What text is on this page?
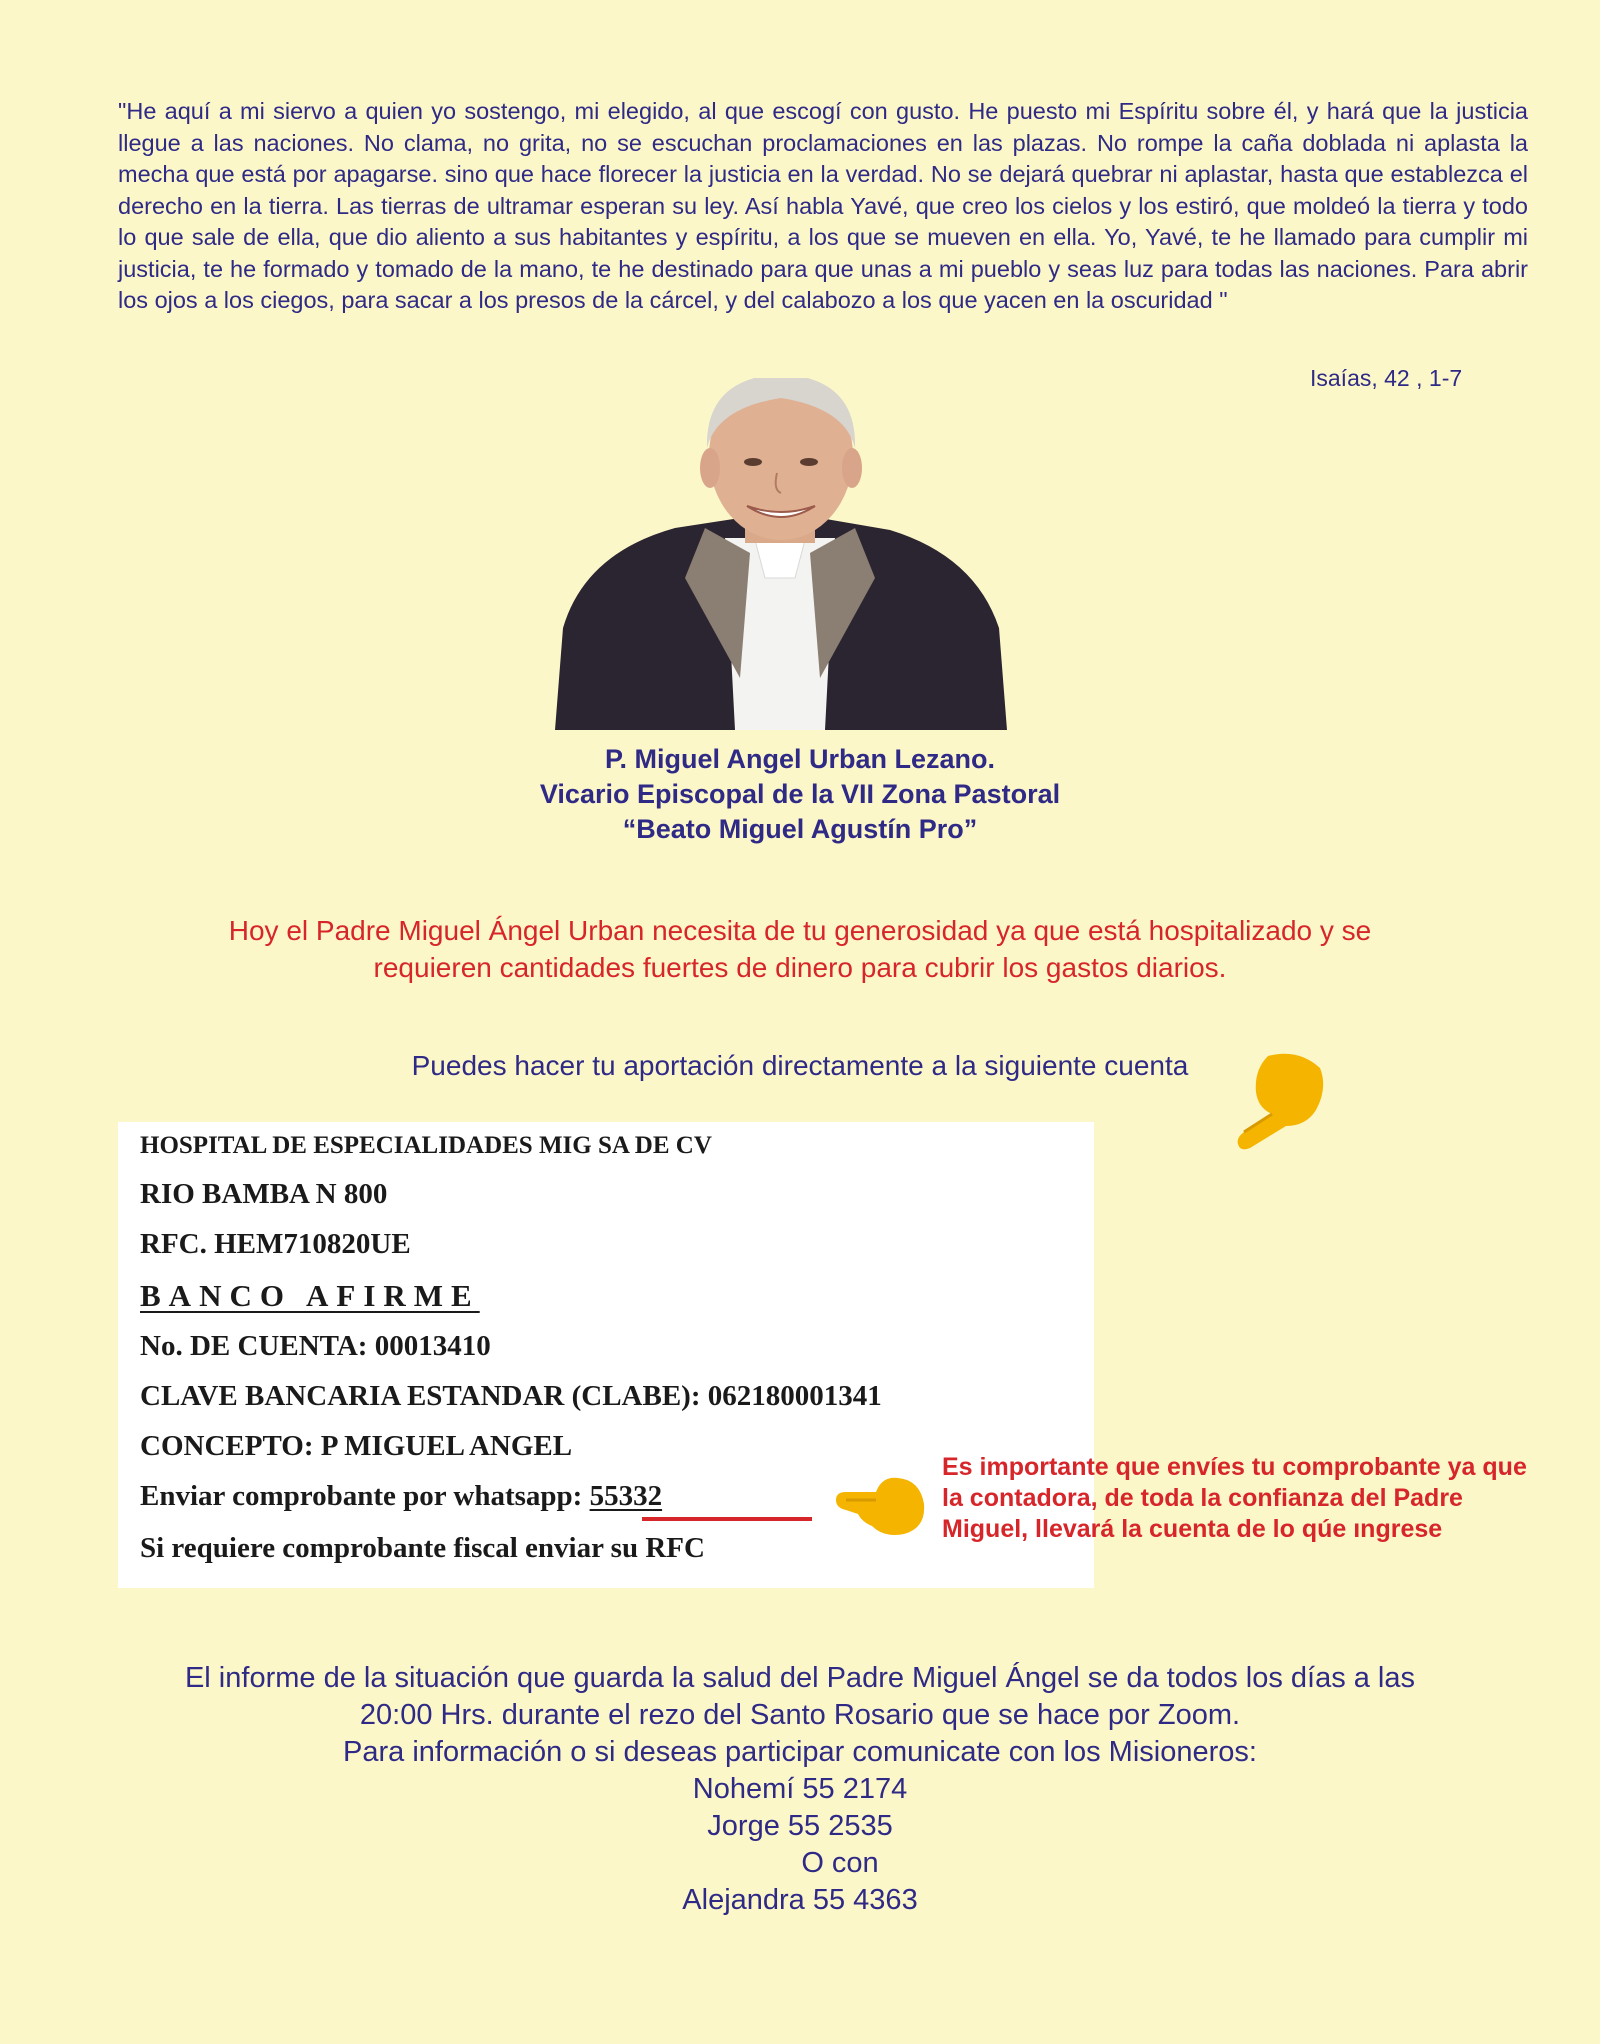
"He aquí a mi siervo a quien yo sostengo, mi elegido, al que escogí con gusto. He puesto mi Espíritu sobre él, y hará que la justicia llegue a las naciones. No clama, no grita, no se escuchan proclamaciones en las plazas. No rompe la caña doblada ni aplasta la mecha que está por apagarse. sino que hace florecer la justicia en la verdad. No se dejará quebrar ni aplastar, hasta que establezca el derecho en la tierra. Las tierras de ultramar esperan su ley. Así habla Yavé, que creo los cielos y los estiró, que moldeó la tierra y todo lo que sale de ella, que dio aliento a sus habitantes y espíritu, a los que se mueven en ella. Yo, Yavé, te he llamado para cumplir mi justicia, te he formado y tomado de la mano, te he destinado para que unas a mi pueblo y seas luz para todas las naciones. Para abrir los ojos a los ciegos, para sacar a los presos de la cárcel, y del calabozo a los que yacen en la oscuridad "

Isaías, 42 , 1-7
P. Miguel Angel Urban Lezano.
Vicario Episcopal de la VII Zona Pastoral
“Beato Miguel Agustín Pro”
Hoy el Padre Miguel Ángel Urban necesita de tu generosidad ya que está hospitalizado y se
requieren cantidades fuertes de dinero para cubrir los gastos diarios.
Puedes hacer tu aportación directamente a la siguiente cuenta
HOSPITAL DE ESPECIALIDADES MIG SA DE CV
RIO BAMBA N 800
RFC. HEM710820UE
BANCO AFIRME
No. DE CUENTA: 00013410
CLAVE BANCARIA ESTANDAR (CLABE): 062180001341
CONCEPTO: P MIGUEL ANGEL
Enviar comprobante por whatsapp: 55332
Si requiere comprobante fiscal enviar su RFC
Es importante que envíes tu comprobante ya que
la contadora, de toda la confianza del Padre
Miguel, llevará la cuenta de lo qúe ıngrese
El informe de la situación que guarda la salud del Padre Miguel Ángel se da todos los días a las
20:00 Hrs. durante el rezo del Santo Rosario que se hace por Zoom.
Para información o si deseas participar comunicate con los Misioneros:
Nohemí 55 2174
Jorge 55 2535
O con
Alejandra 55 4363
